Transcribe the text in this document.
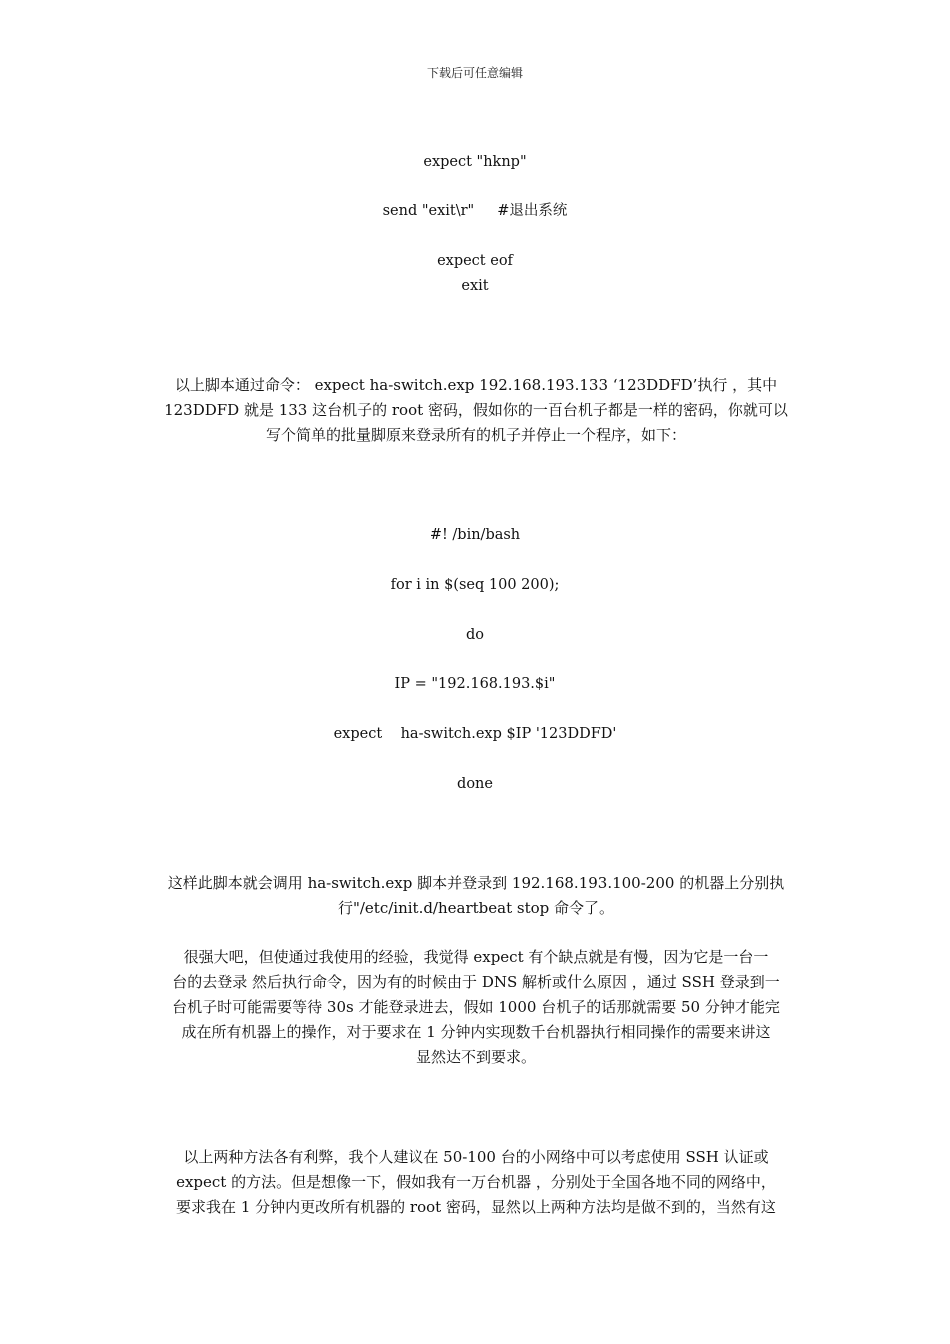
下载后可任意编辑
expect "hknp"
send "exit\r"     #退出系统
expect eof
exit
以上脚本通过命令： expect ha-switch.exp 192.168.193.133 ‘123DDFD’执行 ，其中
123DDFD 就是 133 这台机子的 root 密码，假如你的一百台机子都是一样的密码，你就可以
写个简单的批量脚原来登录所有的机子并停止一个程序，如下：
#! /bin/bash
for i in $(seq 100 200);
do
IP = "192.168.193.$i"
expect    ha-switch.exp $IP '123DDFD'
done
这样此脚本就会调用 ha-switch.exp 脚本并登录到 192.168.193.100-200 的机器上分别执
行"/etc/init.d/heartbeat stop 命令了。
很强大吧，但使通过我使用的经验，我觉得 expect 有个缺点就是有慢，因为它是一台一
台的去登录 然后执行命令，因为有的时候由于 DNS 解析或什么原因 ，通过 SSH 登录到一
台机子时可能需要等待 30s 才能登录进去，假如 1000 台机子的话那就需要 50 分钟才能完
成在所有机器上的操作，对于要求在 1 分钟内实现数千台机器执行相同操作的需要来讲这
显然达不到要求。
以上两种方法各有利弊，我个人建议在 50-100 台的小网络中可以考虑使用 SSH 认证或
expect 的方法。但是想像一下，假如我有一万台机器 ，分别处于全国各地不同的网络中，
要求我在 1 分钟内更改所有机器的 root 密码，显然以上两种方法均是做不到的，当然有这
